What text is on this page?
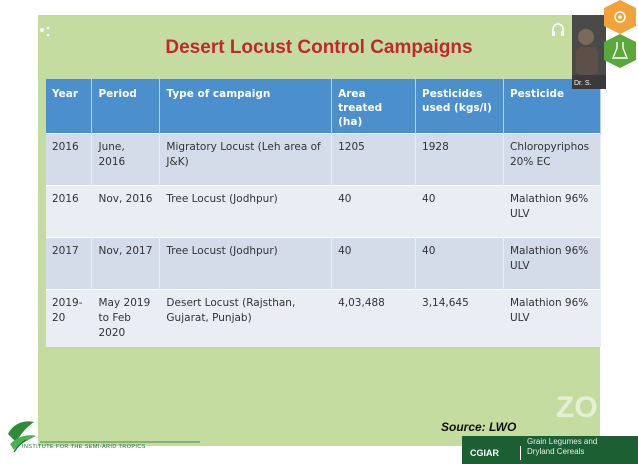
Desert Locust Control Campaigns
Year	Period	Type of campaign	Area treated (ha)	Pesticides used (kgs/l)	Pesticide
2016	June, 2016	Migratory Locust (Leh area of J&K)	1205	1928	Chloropyriphos 20% EC
2016	Nov, 2016	Tree Locust (Jodhpur)	40	40	Malathion 96% ULV
2017	Nov, 2017	Tree Locust (Jodhpur)	40	40	Malathion 96% ULV
2019-20	May 2019 to Feb 2020	Desert Locust (Rajsthan, Gujarat, Punjab)	4,03,488	3,14,645	Malathion 96% ULV
ZO
Source: LWO
Dr. S.
INSTITUTE FOR THE SEMI-ARID TROPICS
CGIAR
Grain Legumes and
Dryland Cereals
